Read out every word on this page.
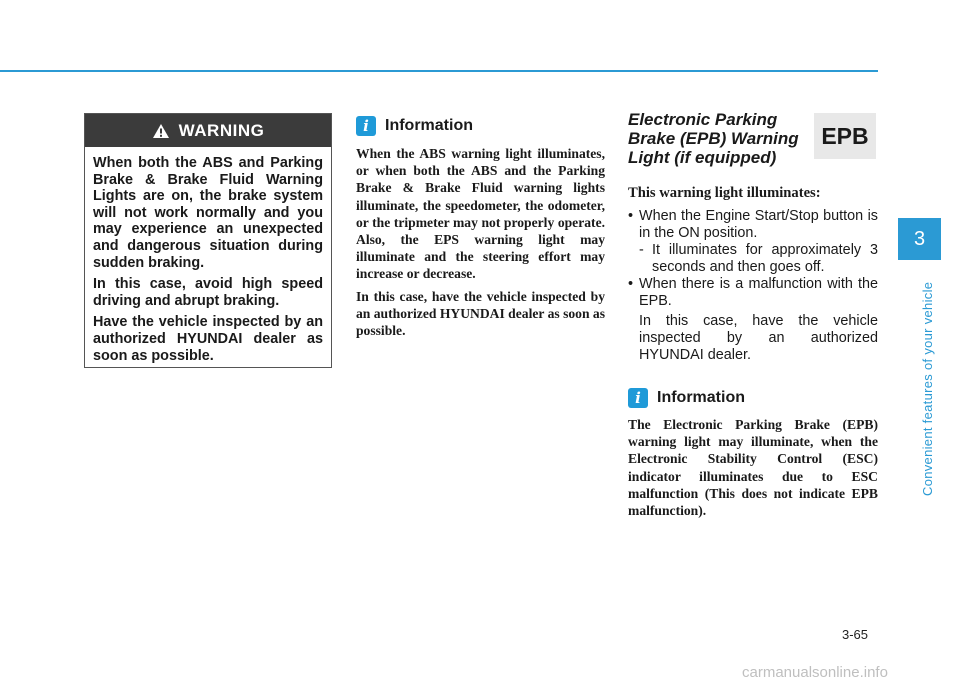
WARNING

When both the ABS and Parking Brake & Brake Fluid Warning Lights are on, the brake system will not work normally and you may experience an unexpected and dangerous situation during sudden braking.

In this case, avoid high speed driving and abrupt braking.

Have the vehicle inspected by an authorized HYUNDAI dealer as soon as possible.

i	Information

When the ABS warning light illuminates, or when both the ABS and the Parking Brake & Brake Fluid warning lights illuminate, the speedometer, the odometer, or the tripmeter may not properly operate. Also, the EPS warning light may illuminate and the steering effort may increase or decrease.

In this case, have the vehicle inspected by an authorized HYUNDAI dealer as soon as possible.

Electronic Parking Brake (EPB) Warning Light (if equipped)
EPB
This warning light illuminates:
• When the Engine Start/Stop button is in the ON position.
- It illuminates for approximately 3 seconds and then goes off.
• When there is a malfunction with the EPB.
In this case, have the vehicle inspected by an authorized HYUNDAI dealer.
i	Information

The Electronic Parking Brake (EPB) warning light may illuminate, when the Electronic Stability Control (ESC) indicator illuminates due to ESC malfunction (This does not indicate EPB malfunction).

3
Convenient features of your vehicle
3-65
carmanualsonline.info
